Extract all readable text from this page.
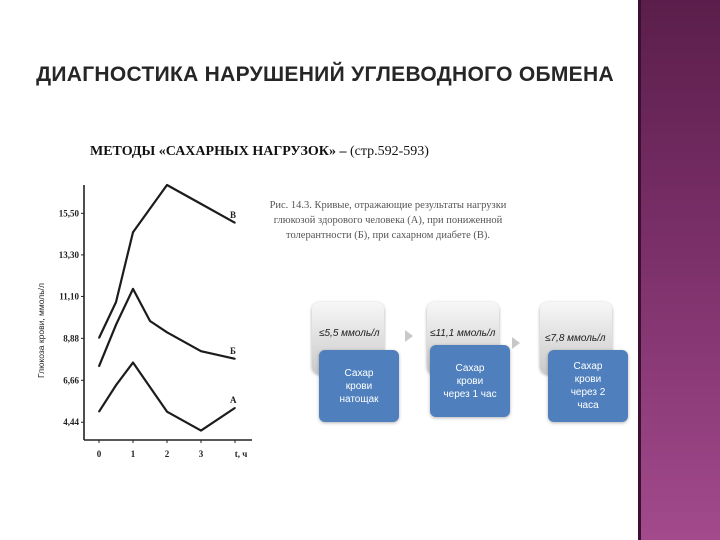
ДИАГНОСТИКА НАРУШЕНИЙ УГЛЕВОДНОГО ОБМЕНА
МЕТОДЫ «САХАРНЫХ НАГРУЗОК» – (стр.592-593)
4,44
6,66
8,88
11,10
13,30
15,50
0	1	2	3	t, ч
Глюкоза крови, ммоль/л
А
Б
В
Рис. 14.3. Кривые, отражающие результаты нагрузки глюкозой здорового человека (А), при пониженной толерантности (Б), при сахарном диабете (В).
≤5,5 ммоль/л	≤11,1 ммоль/л	≤7,8 ммоль/л
Сахар
крови
натощак
Сахар
крови
через 1 час
Сахар
крови
через 2
часа
